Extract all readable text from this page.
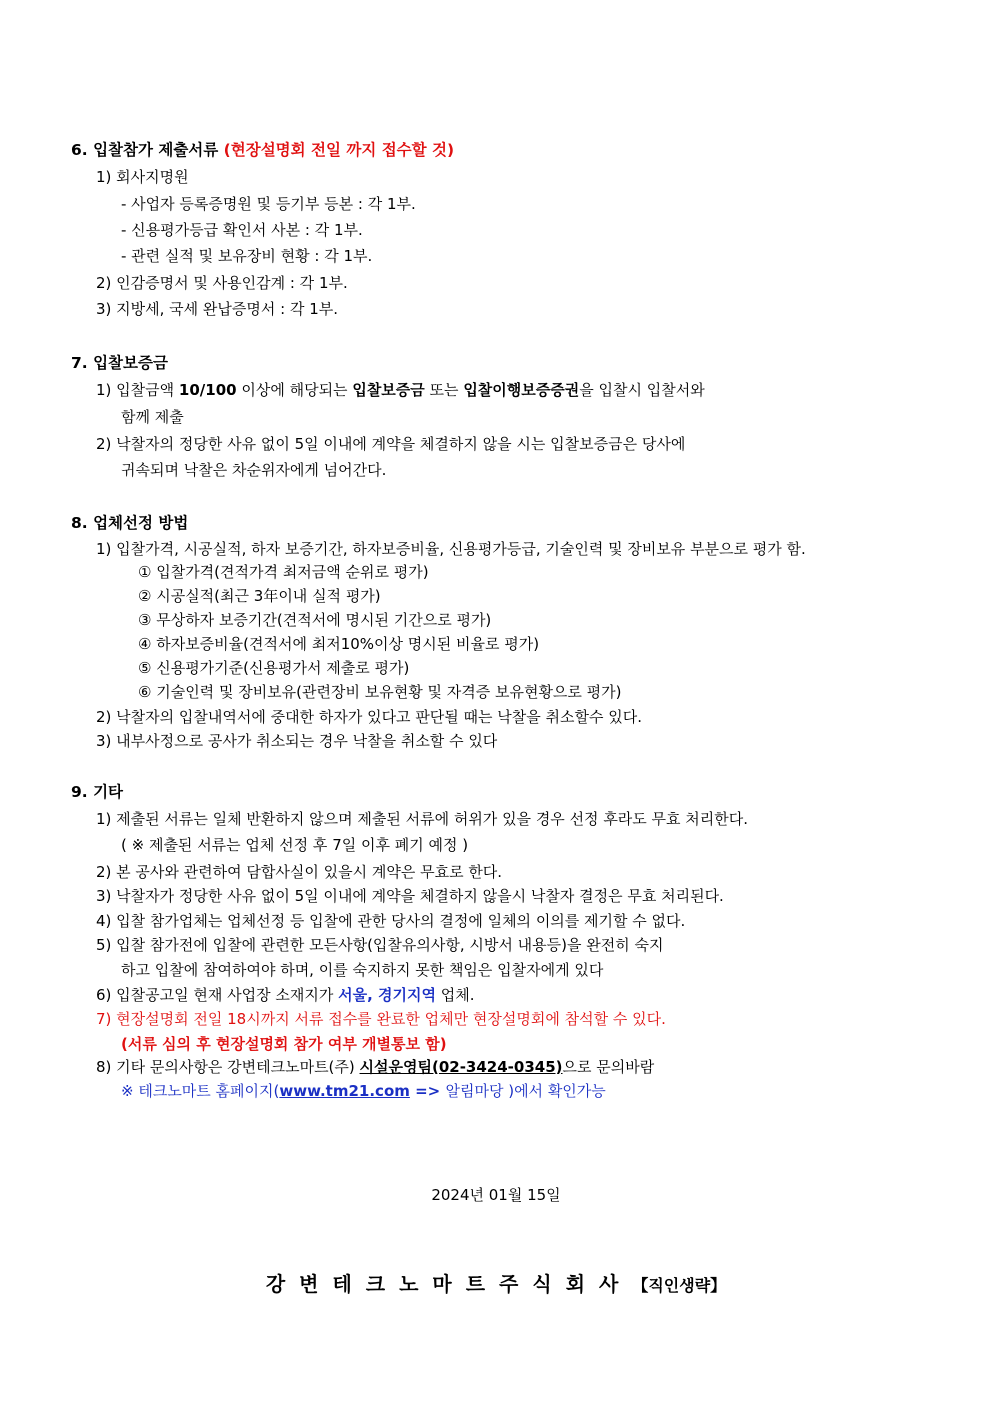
6. 입찰참가 제출서류 (현장설명회 전일 까지 접수할 것)
1) 회사지명원
- 사업자 등록증명원 및 등기부 등본 : 각 1부.
- 신용평가등급 확인서 사본 : 각 1부.
- 관련 실적 및 보유장비 현황 : 각 1부.
2) 인감증명서 및 사용인감계 : 각 1부.
3) 지방세, 국세 완납증명서 : 각 1부.
7. 입찰보증금
1) 입찰금액 10/100 이상에 해당되는 입찰보증금 또는 입찰이행보증증권을 입찰시 입찰서와
함께 제출
2) 낙찰자의 정당한 사유 없이 5일 이내에 계약을 체결하지 않을 시는 입찰보증금은 당사에
귀속되며 낙찰은 차순위자에게 넘어간다.
8. 업체선정 방법
1) 입찰가격, 시공실적, 하자 보증기간, 하자보증비율, 신용평가등급, 기술인력 및 장비보유 부분으로 평가 함.
① 입찰가격(견적가격 최저금액 순위로 평가)
② 시공실적(최근 3年이내 실적 평가)
③ 무상하자 보증기간(견적서에 명시된 기간으로 평가)
④ 하자보증비율(견적서에 최저10%이상 명시된 비율로 평가)
⑤ 신용평가기준(신용평가서 제출로 평가)
⑥ 기술인력 및 장비보유(관련장비 보유현황 및 자격증 보유현황으로 평가)
2) 낙찰자의 입찰내역서에 중대한 하자가 있다고 판단될 때는 낙찰을 취소할수 있다.
3) 내부사정으로 공사가 취소되는 경우 낙찰을 취소할 수 있다
9. 기타
1) 제출된 서류는 일체 반환하지 않으며 제출된 서류에 허위가 있을 경우 선정 후라도 무효 처리한다.
( ※ 제출된 서류는 업체 선정 후 7일 이후 폐기 예정 )
2) 본 공사와 관련하여 담합사실이 있을시 계약은 무효로 한다.
3) 낙찰자가 정당한 사유 없이 5일 이내에 계약을 체결하지 않을시 낙찰자 결정은 무효 처리된다.
4) 입찰 참가업체는 업체선정 등 입찰에 관한 당사의 결정에 일체의 이의를 제기할 수 없다.
5) 입찰 참가전에 입찰에 관련한 모든사항(입찰유의사항, 시방서 내용등)을 완전히 숙지
하고 입찰에 참여하여야 하며, 이를 숙지하지 못한 책임은 입찰자에게 있다
6) 입찰공고일 현재 사업장 소재지가 서울, 경기지역 업체.
7) 현장설명회 전일 18시까지 서류 접수를 완료한 업체만 현장설명회에 참석할 수 있다.
(서류 심의 후 현장설명회 참가 여부 개별통보 함)
8) 기타 문의사항은 강변테크노마트(주) 시설운영팀(02-3424-0345)으로 문의바람
※ 테크노마트 홈페이지(www.tm21.com => 알림마당 )에서 확인가능
2024년 01월 15일
강변테크노마트주식회사【직인생략】
